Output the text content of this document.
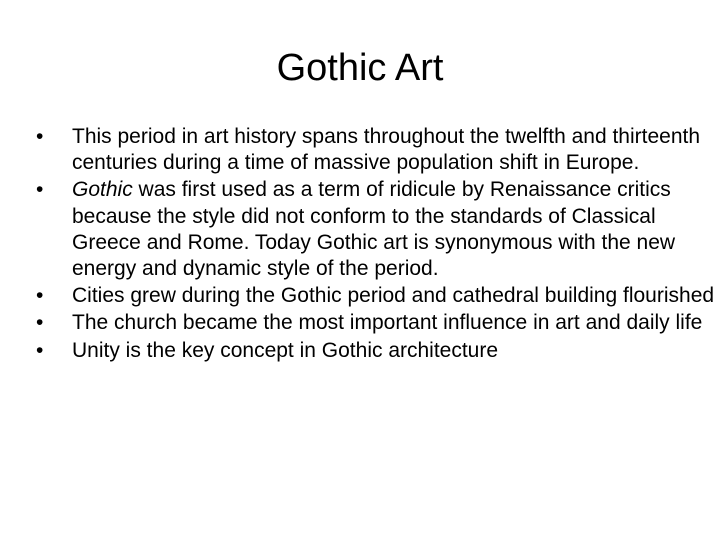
Gothic Art
•	This period in art history spans throughout the twelfth and thirteenth centuries during a time of massive population shift in Europe.
•	Gothic was first used as a term of ridicule by Renaissance critics because the style did not conform to the standards of Classical Greece and Rome. Today Gothic art is synonymous with the new energy and dynamic style of the period.
•	Cities grew during the Gothic period and cathedral building flourished
•	The church became the most important influence in art and daily life
•	Unity is the key concept in Gothic architecture
